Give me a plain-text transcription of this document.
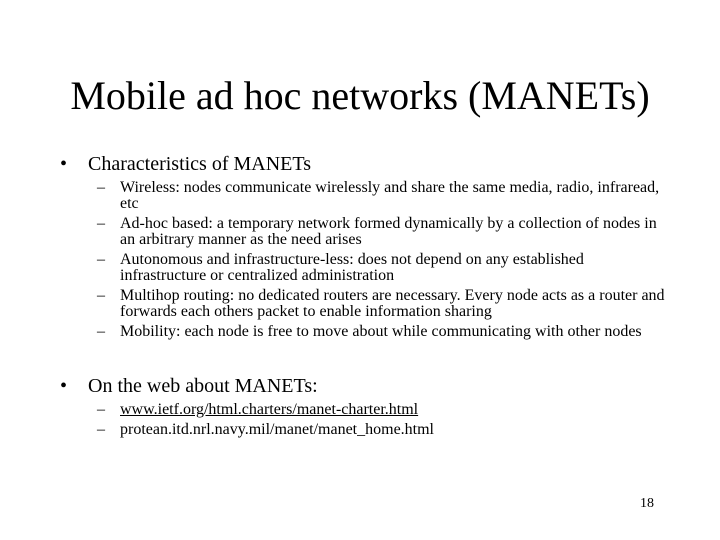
Mobile ad hoc networks (MANETs)
• Characteristics of MANETs
– Wireless: nodes communicate wirelessly and share the same media, radio, infraread, etc
– Ad-hoc based: a temporary network formed dynamically by a collection of nodes in an arbitrary manner as the need arises
– Autonomous and infrastructure-less: does not depend on any established infrastructure or centralized administration
– Multihop routing: no dedicated routers are necessary. Every node acts as a router and forwards each others packet to enable information sharing
– Mobility: each node is free to move about while communicating with other nodes
• On the web about MANETs:
– www.ietf.org/html.charters/manet-charter.html
– protean.itd.nrl.navy.mil/manet/manet_home.html
18
